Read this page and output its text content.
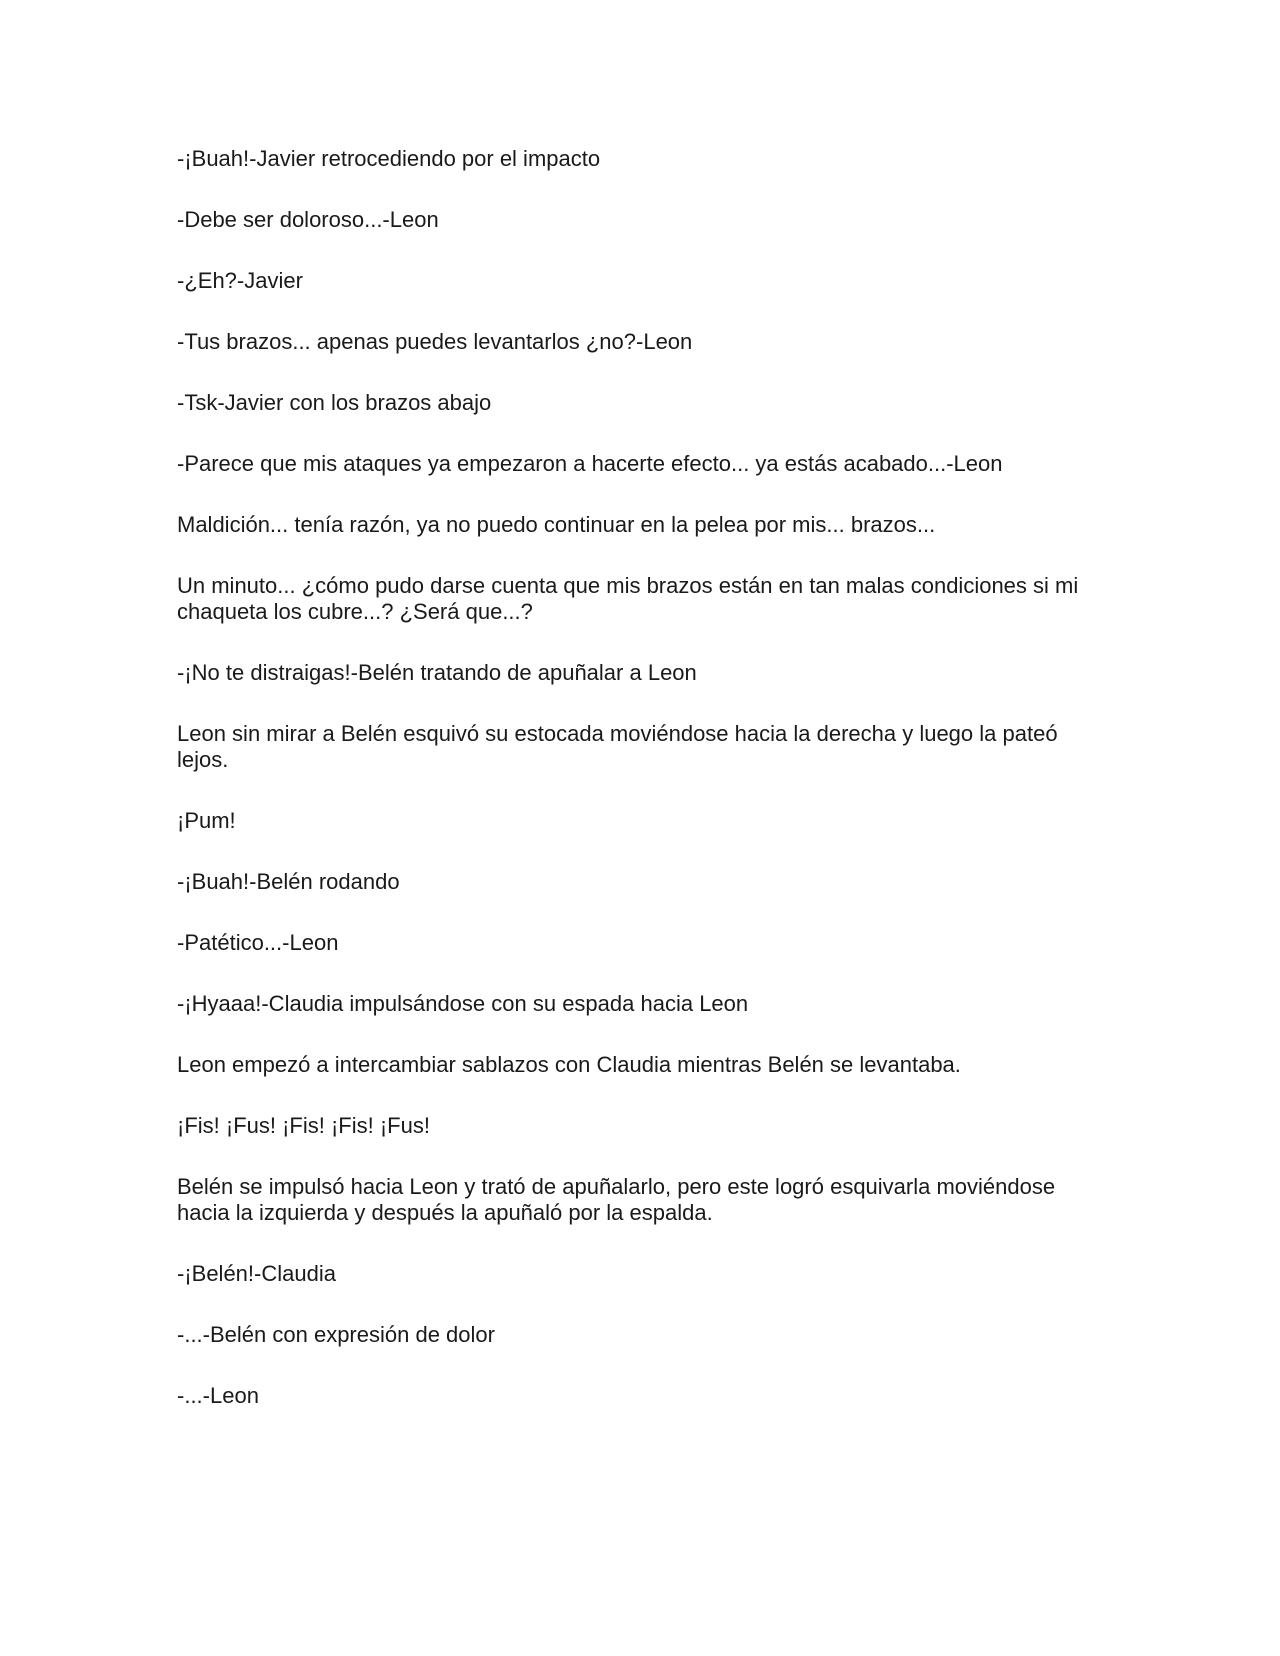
-¡Buah!-Javier retrocediendo por el impacto

-Debe ser doloroso...-Leon

-¿Eh?-Javier

-Tus brazos... apenas puedes levantarlos ¿no?-Leon

-Tsk-Javier con los brazos abajo

-Parece que mis ataques ya empezaron a hacerte efecto... ya estás acabado...-Leon

Maldición... tenía razón, ya no puedo continuar en la pelea por mis... brazos...

Un minuto... ¿cómo pudo darse cuenta que mis brazos están en tan malas condiciones si mi chaqueta los cubre...? ¿Será que...?

-¡No te distraigas!-Belén tratando de apuñalar a Leon

Leon sin mirar a Belén esquivó su estocada moviéndose hacia la derecha y luego la pateó lejos.

¡Pum!

-¡Buah!-Belén rodando

-Patético...-Leon

-¡Hyaaa!-Claudia impulsándose con su espada hacia Leon

Leon empezó a intercambiar sablazos con Claudia mientras Belén se levantaba.

¡Fis! ¡Fus! ¡Fis! ¡Fis! ¡Fus!

Belén se impulsó hacia Leon y trató de apuñalarlo, pero este logró esquivarla moviéndose hacia la izquierda y después la apuñaló por la espalda.

-¡Belén!-Claudia

-...-Belén con expresión de dolor

-...-Leon
